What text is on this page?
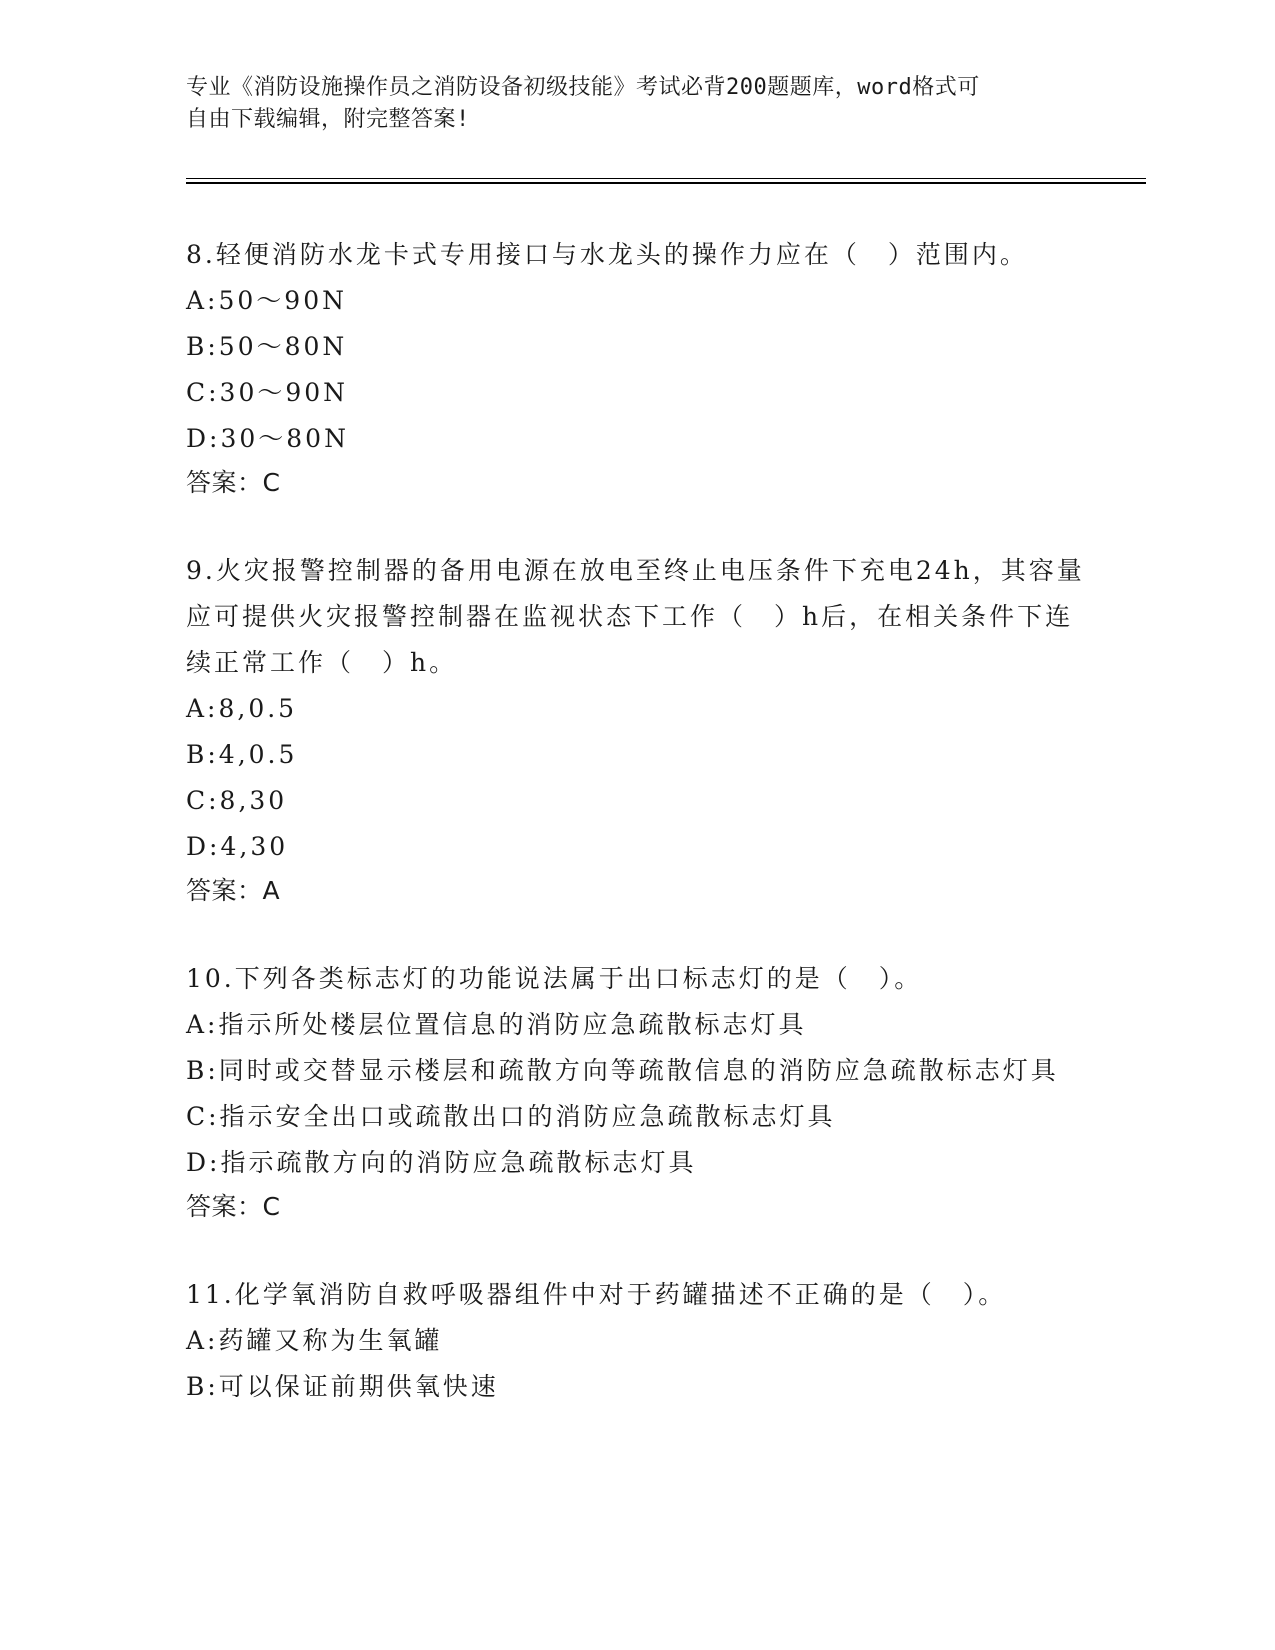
专业《消防设施操作员之消防设备初级技能》考试必背200题题库，word格式可
自由下载编辑，附完整答案!

8.轻便消防水龙卡式专用接口与水龙头的操作力应在（　）范围内。

A:50～90N

B:50～80N

C:30～90N

D:30～80N

答案：C

9.火灾报警控制器的备用电源在放电至终止电压条件下充电24h，其容量应可提供火灾报警控制器在监视状态下工作（　）h后，在相关条件下连续正常工作（　）h。

A:8,0.5

B:4,0.5

C:8,30

D:4,30

答案：A

10.下列各类标志灯的功能说法属于出口标志灯的是（　）。

A:指示所处楼层位置信息的消防应急疏散标志灯具

B:同时或交替显示楼层和疏散方向等疏散信息的消防应急疏散标志灯具

C:指示安全出口或疏散出口的消防应急疏散标志灯具

D:指示疏散方向的消防应急疏散标志灯具

答案：C

11.化学氧消防自救呼吸器组件中对于药罐描述不正确的是（　）。

A:药罐又称为生氧罐

B:可以保证前期供氧快速
